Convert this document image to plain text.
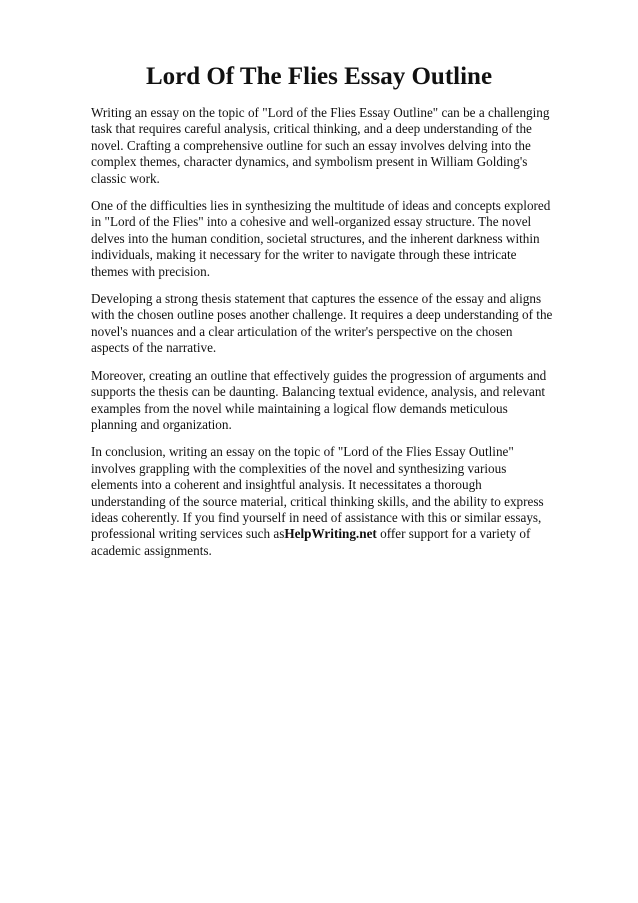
Lord Of The Flies Essay Outline

Writing an essay on the topic of "Lord of the Flies Essay Outline" can be a challenging task that requires careful analysis, critical thinking, and a deep understanding of the novel. Crafting a comprehensive outline for such an essay involves delving into the complex themes, character dynamics, and symbolism present in William Golding's classic work.

One of the difficulties lies in synthesizing the multitude of ideas and concepts explored in "Lord of the Flies" into a cohesive and well-organized essay structure. The novel delves into the human condition, societal structures, and the inherent darkness within individuals, making it necessary for the writer to navigate through these intricate themes with precision.

Developing a strong thesis statement that captures the essence of the essay and aligns with the chosen outline poses another challenge. It requires a deep understanding of the novel's nuances and a clear articulation of the writer's perspective on the chosen aspects of the narrative.

Moreover, creating an outline that effectively guides the progression of arguments and supports the thesis can be daunting. Balancing textual evidence, analysis, and relevant examples from the novel while maintaining a logical flow demands meticulous planning and organization.

In conclusion, writing an essay on the topic of "Lord of the Flies Essay Outline" involves grappling with the complexities of the novel and synthesizing various elements into a coherent and insightful analysis. It necessitates a thorough understanding of the source material, critical thinking skills, and the ability to express ideas coherently. If you find yourself in need of assistance with this or similar essays, professional writing services such asHelpWriting.net offer support for a variety of academic assignments.
